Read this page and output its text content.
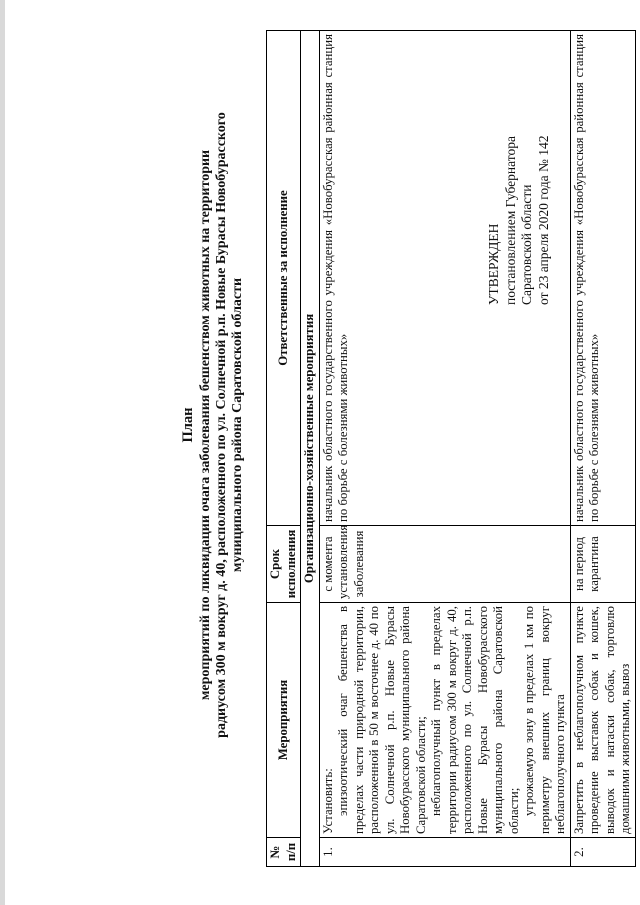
УТВЕРЖДЕН постановлением Губернатора Саратовской области от 23 апреля 2020 года № 142
План мероприятий по ликвидации очага заболевания бешенством животных на территории радиусом 300 м вокруг д. 40, расположенного по ул. Солнечной р.п. Новые Бурасы Новобурасского муниципального района Саратовской области
№ п/п	Мероприятия	Срок исполнения	Ответственные за исполнение
Организационно-хозяйственные мероприятия			
1.	Установить: эпизоотический очаг бешенства в пределах части природной территории, расположенной в 50 м восточнее д. 40 по ул. Солнечной р.п. Новые Бурасы Новобурасского муниципального района Саратовской области; неблагополучный пункт в пределах территории радиусом 300 м вокруг д. 40, расположенного по ул. Солнечной р.п. Новые Бурасы Новобурасского муниципального района Саратовской области; угрожаемую зону в пределах 1 км по периметру внешних границ вокруг неблагополучного пункта	с момента установления заболевания	начальник областного государственного учреждения «Новобурасская районная станция по борьбе с болезнями животных»
2.	Запретить в неблагополучном пункте проведение выставок собак и кошек, выводок и натаски собак, торговлю домашними животными, вывоз	на период карантина	начальник областного государственного учреждения «Новобурасская районная станция по борьбе с болезнями животных»
